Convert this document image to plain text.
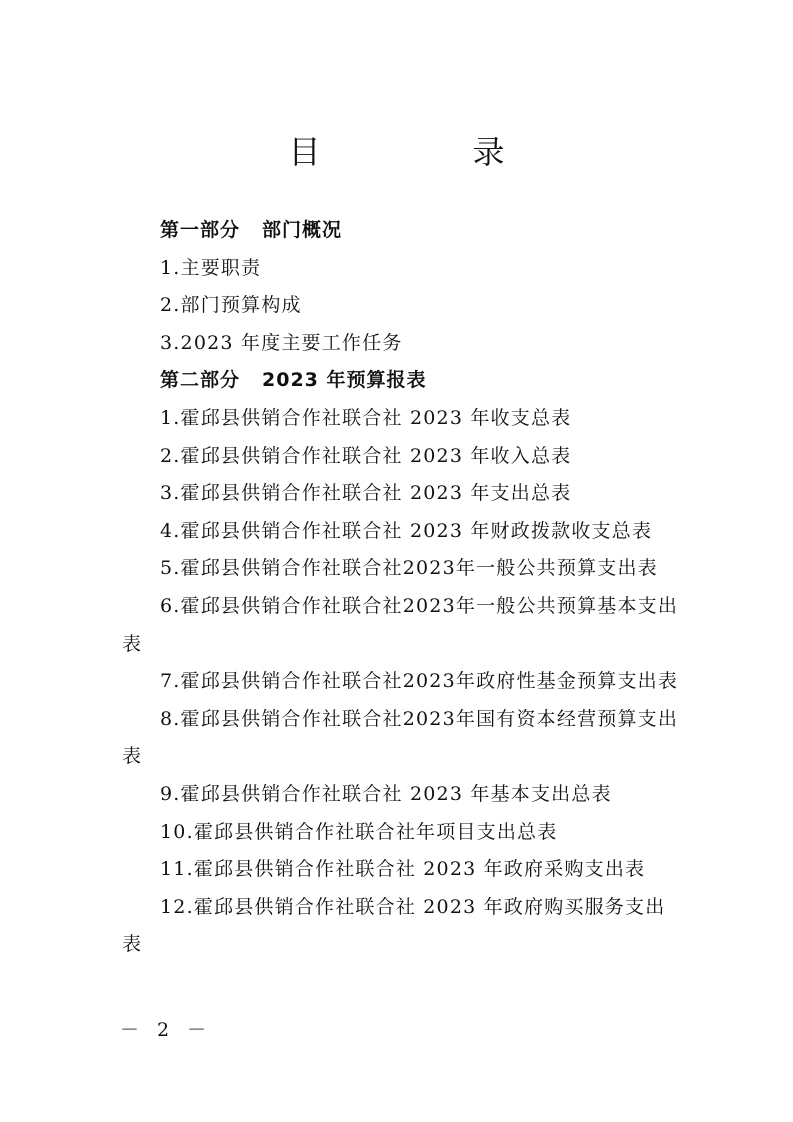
目　录
第一部分 部门概况
1.主要职责
2.部门预算构成
3.2023 年度主要工作任务
第二部分 2023 年预算报表
1.霍邱县供销合作社联合社 2023 年收支总表
2.霍邱县供销合作社联合社 2023 年收入总表
3.霍邱县供销合作社联合社 2023 年支出总表
4.霍邱县供销合作社联合社 2023 年财政拨款收支总表
5.霍邱县供销合作社联合社2023年一般公共预算支出表
6.霍邱县供销合作社联合社2023年一般公共预算基本支出表
7.霍邱县供销合作社联合社2023年政府性基金预算支出表
8.霍邱县供销合作社联合社2023年国有资本经营预算支出表
9.霍邱县供销合作社联合社 2023 年基本支出总表
10.霍邱县供销合作社联合社年项目支出总表
11.霍邱县供销合作社联合社 2023 年政府采购支出表
12.霍邱县供销合作社联合社 2023 年政府购买服务支出表
－ 2 －
